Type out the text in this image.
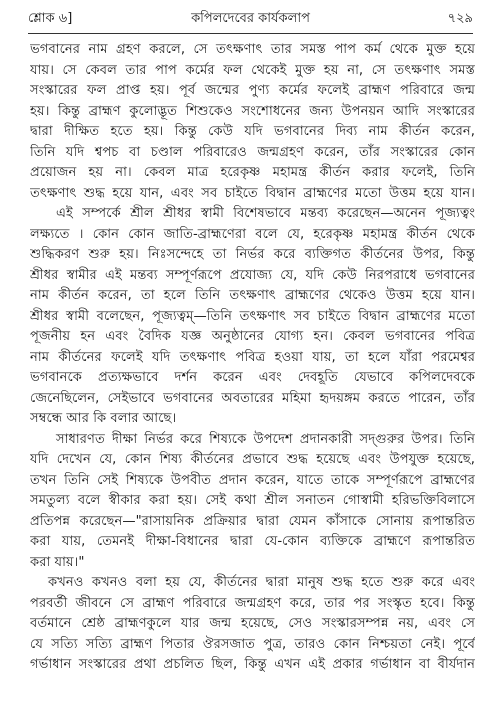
শ্লোক ৬]	কপিলদেবের কার্যকলাপ	৭২৯
ভগবানের নাম গ্রহণ করলে, সে তৎক্ষণাৎ তার সমস্ত পাপ কর্ম থেকে মুক্ত হয়ে
যায়। সে কেবল তার পাপ কর্মের ফল থেকেই মুক্ত হয় না, সে তৎক্ষণাৎ সমস্ত
সংস্কারের ফল প্রাপ্ত হয়। পূর্ব জন্মের পুণ্য কর্মের ফলেই ব্রাহ্মণ পরিবারে জন্ম
হয়। কিন্তু ব্রাহ্মণ কুলোদ্ভূত শিশুকেও সংশোধনের জন্য উপনয়ন আদি সংস্কারের
দ্বারা দীক্ষিত হতে হয়। কিন্তু কেউ যদি ভগবানের দিব্য নাম কীর্তন করেন,
তিনি যদি শ্বপচ বা চণ্ডাল পরিবারেও জন্মগ্রহণ করেন, তাঁর সংস্কারের কোন
প্রয়োজন হয় না। কেবল মাত্র হরেকৃষ্ণ মহামন্ত্র কীর্তন করার ফলেই, তিনি
তৎক্ষণাৎ শুদ্ধ হয়ে যান, এবং সব চাইতে বিদ্বান ব্রাহ্মণের মতো উত্তম হয়ে যান।
এই সম্পর্কে শ্রীল শ্রীধর স্বামী বিশেষভাবে মন্তব্য করেছেন—অনেন পূজ্যত্বং
লক্ষ্যতে । কোন কোন জাতি-ব্রাহ্মণেরা বলে যে, হরেকৃষ্ণ মহামন্ত্র কীর্তন থেকে
শুদ্ধিকরণ শুরু হয়। নিঃসন্দেহে তা নির্ভর করে ব্যক্তিগত কীর্তনের উপর, কিন্তু
শ্রীধর স্বামীর এই মন্তব্য সম্পূর্ণরূপে প্রযোজ্য যে, যদি কেউ নিরপরাধে ভগবানের
নাম কীর্তন করেন, তা হলে তিনি তৎক্ষণাৎ ব্রাহ্মণের থেকেও উত্তম হয়ে যান।
শ্রীধর স্বামী বলেছেন, পূজ্যত্বম্—তিনি তৎক্ষণাৎ সব চাইতে বিদ্বান ব্রাহ্মণের মতো
পূজনীয় হন এবং বৈদিক যজ্ঞ অনুষ্ঠানের যোগ্য হন। কেবল ভগবানের পবিত্র
নাম কীর্তনের ফলেই যদি তৎক্ষণাৎ পবিত্র হওয়া যায়, তা হলে যাঁরা পরমেশ্বর
ভগবানকে প্রত্যক্ষভাবে দর্শন করেন এবং দেবহূতি যেভাবে কপিলদেবকে
জেনেছিলেন, সেইভাবে ভগবানের অবতারের মহিমা হৃদয়ঙ্গম করতে পারেন, তাঁর
সম্বন্ধে আর কি বলার আছে।
সাধারণত দীক্ষা নির্ভর করে শিষ্যকে উপদেশ প্রদানকারী সদ্গুরুর উপর। তিনি
যদি দেখেন যে, কোন শিষ্য কীর্তনের প্রভাবে শুদ্ধ হয়েছে এবং উপযুক্ত হয়েছে,
তখন তিনি সেই শিষ্যকে উপবীত প্রদান করেন, যাতে তাকে সম্পূর্ণরূপে ব্রাহ্মণের
সমতুল্য বলে স্বীকার করা হয়। সেই কথা শ্রীল সনাতন গোস্বামী হরিভক্তিবিলাসে
প্রতিপন্ন করেছেন—"রাসায়নিক প্রক্রিয়ার দ্বারা যেমন কাঁসাকে সোনায় রূপান্তরিত
করা যায়, তেমনই দীক্ষা-বিধানের দ্বারা যে-কোন ব্যক্তিকে ব্রাহ্মণে রূপান্তরিত
করা যায়।"
কখনও কখনও বলা হয় যে, কীর্তনের দ্বারা মানুষ শুদ্ধ হতে শুরু করে এবং
পরবর্তী জীবনে সে ব্রাহ্মণ পরিবারে জন্মগ্রহণ করে, তার পর সংস্কৃত হবে। কিন্তু
বর্তমানে শ্রেষ্ঠ ব্রাহ্মণকুলে যার জন্ম হয়েছে, সেও সংস্কারসম্পন্ন নয়, এবং সে
যে সত্যি সত্যি ব্রাহ্মণ পিতার ঔরসজাত পুত্র, তারও কোন নিশ্চয়তা নেই। পূর্বে
গর্ভাধান সংস্কারের প্রথা প্রচলিত ছিল, কিন্তু এখন এই প্রকার গর্ভাধান বা বীর্যদান
